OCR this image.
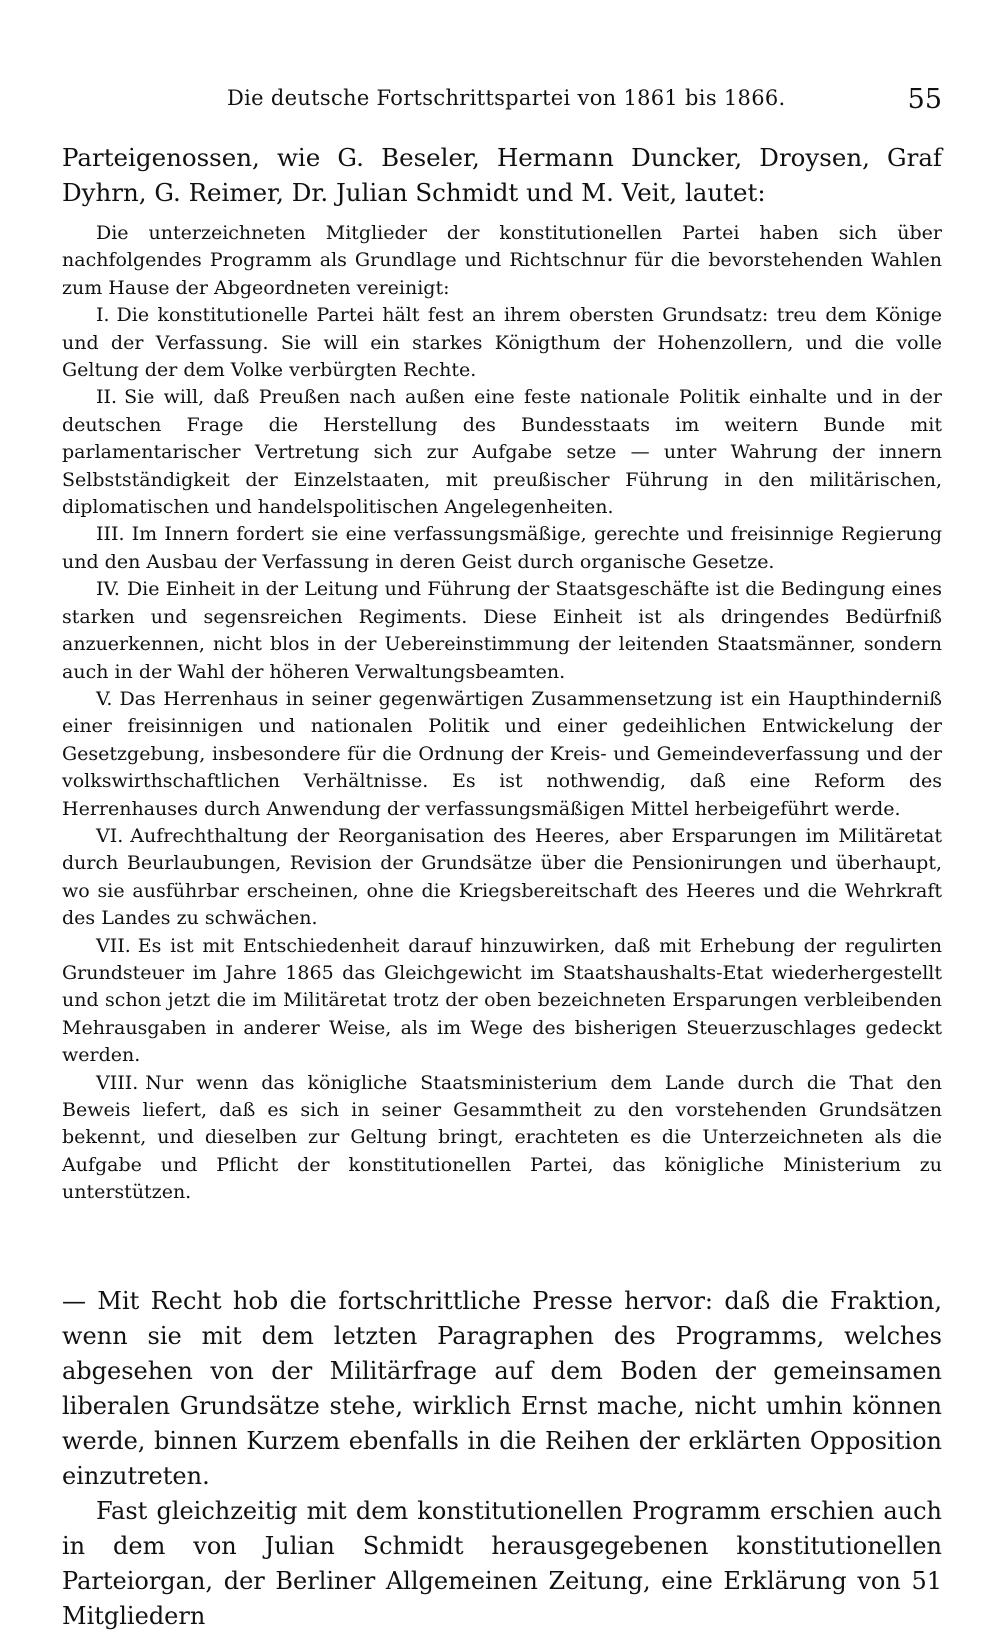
Die deutsche Fortschrittspartei von 1861 bis 1866.	55
Parteigenossen, wie G. Beseler, Hermann Duncker, Droysen, Graf Dyhrn, G. Reimer, Dr. Julian Schmidt und M. Veit, lautet:

Die unterzeichneten Mitglieder der konstitutionellen Partei haben sich über nachfolgendes Programm als Grundlage und Richtschnur für die bevorstehenden Wahlen zum Hause der Abgeordneten vereinigt:

I. Die konstitutionelle Partei hält fest an ihrem obersten Grundsatz: treu dem Könige und der Verfassung. Sie will ein starkes Königthum der Hohenzollern, und die volle Geltung der dem Volke verbürgten Rechte.

II. Sie will, daß Preußen nach außen eine feste nationale Politik einhalte und in der deutschen Frage die Herstellung des Bundesstaats im weitern Bunde mit parlamentarischer Vertretung sich zur Aufgabe setze — unter Wahrung der innern Selbstständigkeit der Einzelstaaten, mit preußischer Führung in den militärischen, diplomatischen und handelspolitischen Angelegenheiten.

III. Im Innern fordert sie eine verfassungsmäßige, gerechte und freisinnige Regierung und den Ausbau der Verfassung in deren Geist durch organische Gesetze.

IV. Die Einheit in der Leitung und Führung der Staatsgeschäfte ist die Bedingung eines starken und segensreichen Regiments. Diese Einheit ist als dringendes Bedürfniß anzuerkennen, nicht blos in der Uebereinstimmung der leitenden Staatsmänner, sondern auch in der Wahl der höheren Verwaltungsbeamten.

V. Das Herrenhaus in seiner gegenwärtigen Zusammensetzung ist ein Haupthinderniß einer freisinnigen und nationalen Politik und einer gedeihlichen Entwickelung der Gesetzgebung, insbesondere für die Ordnung der Kreis- und Gemeindeverfassung und der volkswirthschaftlichen Verhältnisse. Es ist nothwendig, daß eine Reform des Herrenhauses durch Anwendung der verfassungsmäßigen Mittel herbeigeführt werde.

VI. Aufrechthaltung der Reorganisation des Heeres, aber Ersparungen im Militäretat durch Beurlaubungen, Revision der Grundsätze über die Pensionirungen und überhaupt, wo sie ausführbar erscheinen, ohne die Kriegsbereitschaft des Heeres und die Wehrkraft des Landes zu schwächen.

VII. Es ist mit Entschiedenheit darauf hinzuwirken, daß mit Erhebung der regulirten Grundsteuer im Jahre 1865 das Gleichgewicht im Staatshaushalts-Etat wiederhergestellt und schon jetzt die im Militäretat trotz der oben bezeichneten Ersparungen verbleibenden Mehrausgaben in anderer Weise, als im Wege des bisherigen Steuerzuschlages gedeckt werden.

VIII. Nur wenn das königliche Staatsministerium dem Lande durch die That den Beweis liefert, daß es sich in seiner Gesammtheit zu den vorstehenden Grundsätzen bekennt, und dieselben zur Geltung bringt, erachteten es die Unterzeichneten als die Aufgabe und Pflicht der konstitutionellen Partei, das königliche Ministerium zu unterstützen.

— Mit Recht hob die fortschrittliche Presse hervor: daß die Fraktion, wenn sie mit dem letzten Paragraphen des Programms, welches abgesehen von der Militärfrage auf dem Boden der gemeinsamen liberalen Grundsätze stehe, wirklich Ernst mache, nicht umhin können werde, binnen Kurzem ebenfalls in die Reihen der erklärten Opposition einzutreten.

Fast gleichzeitig mit dem konstitutionellen Programm erschien auch in dem von Julian Schmidt herausgegebenen konstitutionellen Parteiorgan, der Berliner Allgemeinen Zeitung, eine Erklärung von 51 Mitgliedern
